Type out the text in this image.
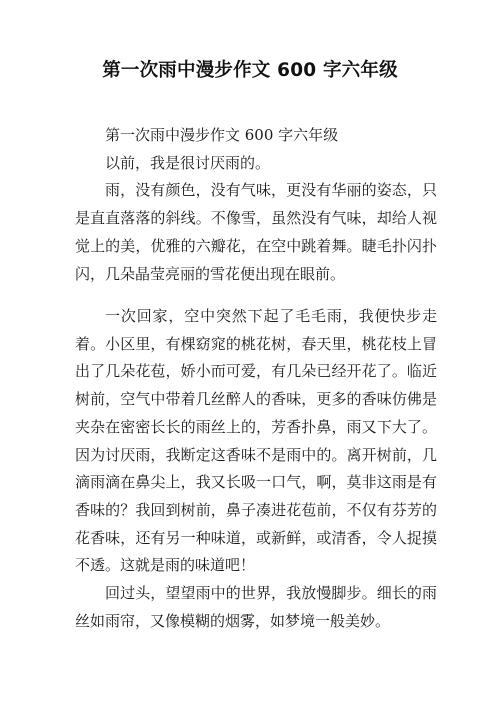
第一次雨中漫步作文 600 字六年级

第一次雨中漫步作文 600 字六年级

以前，我是很讨厌雨的。

雨，没有颜色，没有气味，更没有华丽的姿态，只是直直落落的斜线。不像雪，虽然没有气味，却给人视觉上的美，优雅的六瓣花，在空中跳着舞。睫毛扑闪扑闪，几朵晶莹亮丽的雪花便出现在眼前。

一次回家，空中突然下起了毛毛雨，我便快步走着。小区里，有棵窈窕的桃花树，春天里，桃花枝上冒出了几朵花苞，娇小而可爱，有几朵已经开花了。临近树前，空气中带着几丝醉人的香味，更多的香味仿佛是夹杂在密密长长的雨丝上的，芳香扑鼻，雨又下大了。因为讨厌雨，我断定这香味不是雨中的。离开树前，几滴雨滴在鼻尖上，我又长吸一口气，啊，莫非这雨是有香味的？我回到树前，鼻子凑进花苞前，不仅有芬芳的花香味，还有另一种味道，或新鲜，或清香，令人捉摸不透。这就是雨的味道吧！

回过头，望望雨中的世界，我放慢脚步。细长的雨丝如雨帘，又像模糊的烟雾，如梦境一般美妙。
